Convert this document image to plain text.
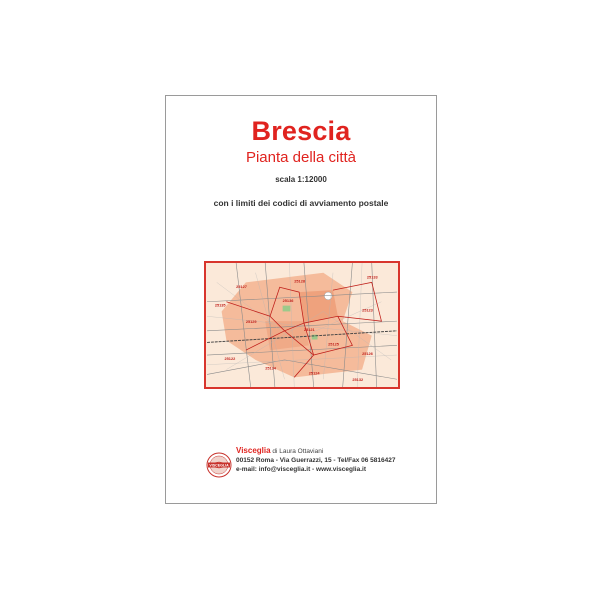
Brescia
Pianta della città
scala 1:12000
con i limiti dei codici di avviamento postale
25127
25128
25133
25136
25123
25129
25121
25125
25126
25122
25134
25124
25132
25135
VISCEGLIA
Visceglia di Laura Ottaviani
00152 Roma - Via Guerrazzi, 15 - Tel/Fax 06 5816427
e-mail: info@visceglia.it - www.visceglia.it
